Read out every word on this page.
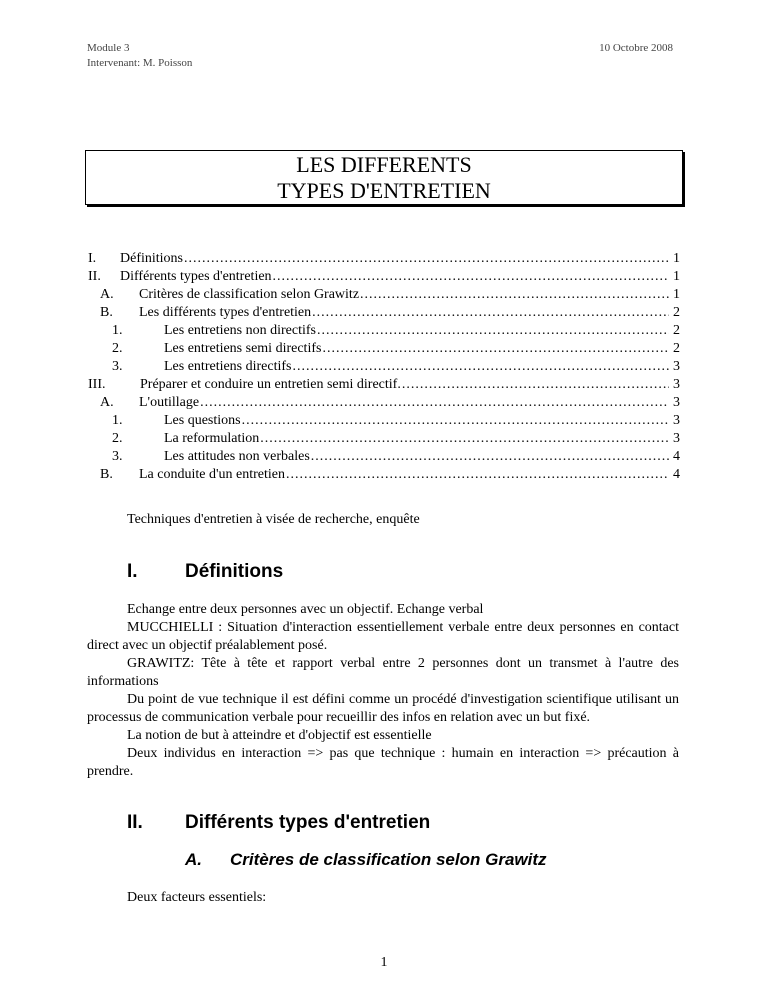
Module 3
Intervenant: M. Poisson
10 Octobre 2008
LES DIFFERENTS
TYPES D'ENTRETIEN
I.	Définitions .....	1
II.	Différents types d'entretien .....	1
A.	Critères de classification selon Grawitz .....	1
B.	Les différents types d'entretien .....	2
1.	Les entretiens non directifs .....	2
2.	Les entretiens semi directifs .....	2
3.	Les entretiens directifs .....	3
III.	Préparer et conduire un entretien semi directif. .....	3
A.	L'outillage .....	3
1.	Les questions .....	3
2.	La reformulation .....	3
3.	Les attitudes non verbales .....	4
B.	La conduite d'un entretien .....	4
Techniques d'entretien à visée de recherche, enquête
I. Définitions

Echange entre deux personnes avec un objectif. Echange verbal

MUCCHIELLI : Situation d'interaction essentiellement verbale entre deux personnes en contact direct avec un objectif préalablement posé.

GRAWITZ: Tête à tête et rapport verbal entre 2 personnes dont un transmet à l'autre des informations

Du point de vue technique il est défini comme un procédé d'investigation scientifique utilisant un processus de communication verbale pour recueillir des infos en relation avec un but fixé.

La notion de but à atteindre et d'objectif est essentielle

Deux individus en interaction => pas que technique : humain en interaction => précaution à prendre.

II. Différents types d'entretien
A. Critères de classification selon Grawitz
Deux facteurs essentiels:
1
